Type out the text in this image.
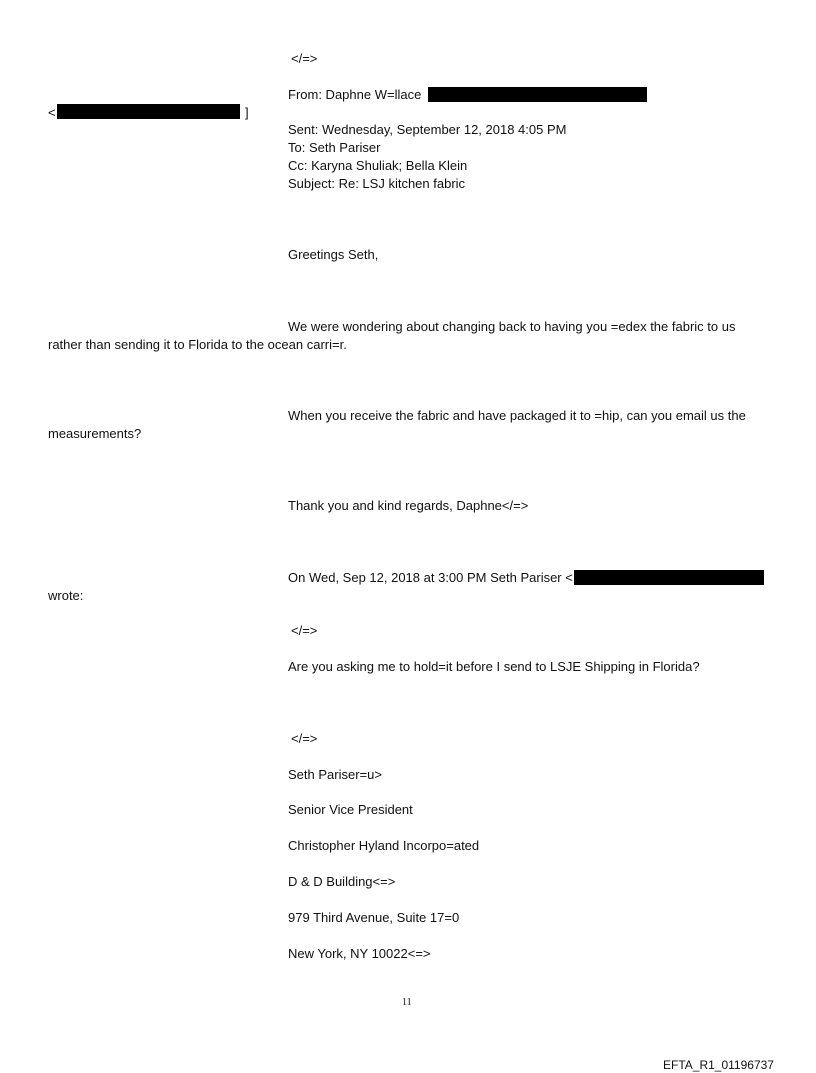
</=>
From: Daphne W=llace
<	]
Sent: Wednesday, September 12, 2018 4:05 PM
To: Seth Pariser
Cc: Karyna Shuliak; Bella Klein
Subject: Re: LSJ kitchen fabric
Greetings Seth,
We were wondering about changing back to having you =edex the fabric to us
rather than sending it to Florida to the ocean carri=r.
When you receive the fabric and have packaged it to =hip, can you email us the
measurements?
Thank you and kind regards, Daphne</=>
On Wed, Sep 12, 2018 at 3:00 PM Seth Pariser <
wrote:
</=>
Are you asking me to hold=it before I send to LSJE Shipping in Florida?
</=>
Seth Pariser=u>
Senior Vice President
Christopher Hyland Incorpo=ated
D & D Building<=>
979 Third Avenue, Suite 17=0
New York, NY 10022<=>
11
EFTA_R1_01196737
